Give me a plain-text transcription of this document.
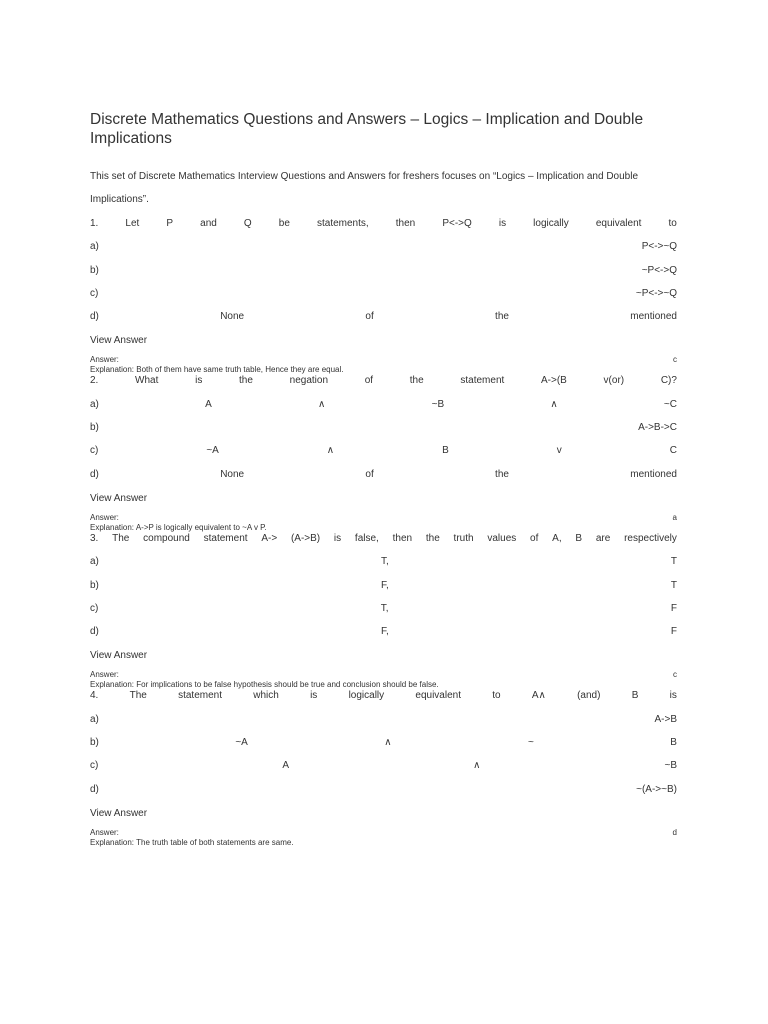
Discrete Mathematics Questions and Answers – Logics – Implication and Double Implications

This set of Discrete Mathematics Interview Questions and Answers for freshers focuses on “Logics – Implication and Double Implications”.

1.	Let	P	and	Q	be	statements,	then	P<->Q	is	logically	equivalent	to
a)	P<->~Q
b)	~P<->Q
c)	~P<->~Q
d)	None	of	the	mentioned
View Answer
Answer:	c
Explanation: Both of them have same truth table, Hence they are equal.
2.	What	is	the	negation	of	the	statement	A->(B	v(or)	C)?
a)	A	∧	~B	∧	~C
b)	A->B->C
c)	~A	∧	B	v	C
d)	None	of	the	mentioned
View Answer
Answer:	a
Explanation: A->P is logically equivalent to ~A v P.
3. The compound statement A-> (A->B) is false, then the truth values of A, B are respectively
a)	T,	T
b)	F,	T
c)	T,	F
d)	F,	F
View Answer
Answer:	c
Explanation: For implications to be false hypothesis should be true and conclusion should be false.
4.	The	statement	which	is	logically	equivalent	to	A∧	(and)	B	is
a)	A->B
b)	~A	∧	~	B
c)	A	∧	~B
d)	~(A->~B)
View Answer
Answer:	d
Explanation: The truth table of both statements are same.
